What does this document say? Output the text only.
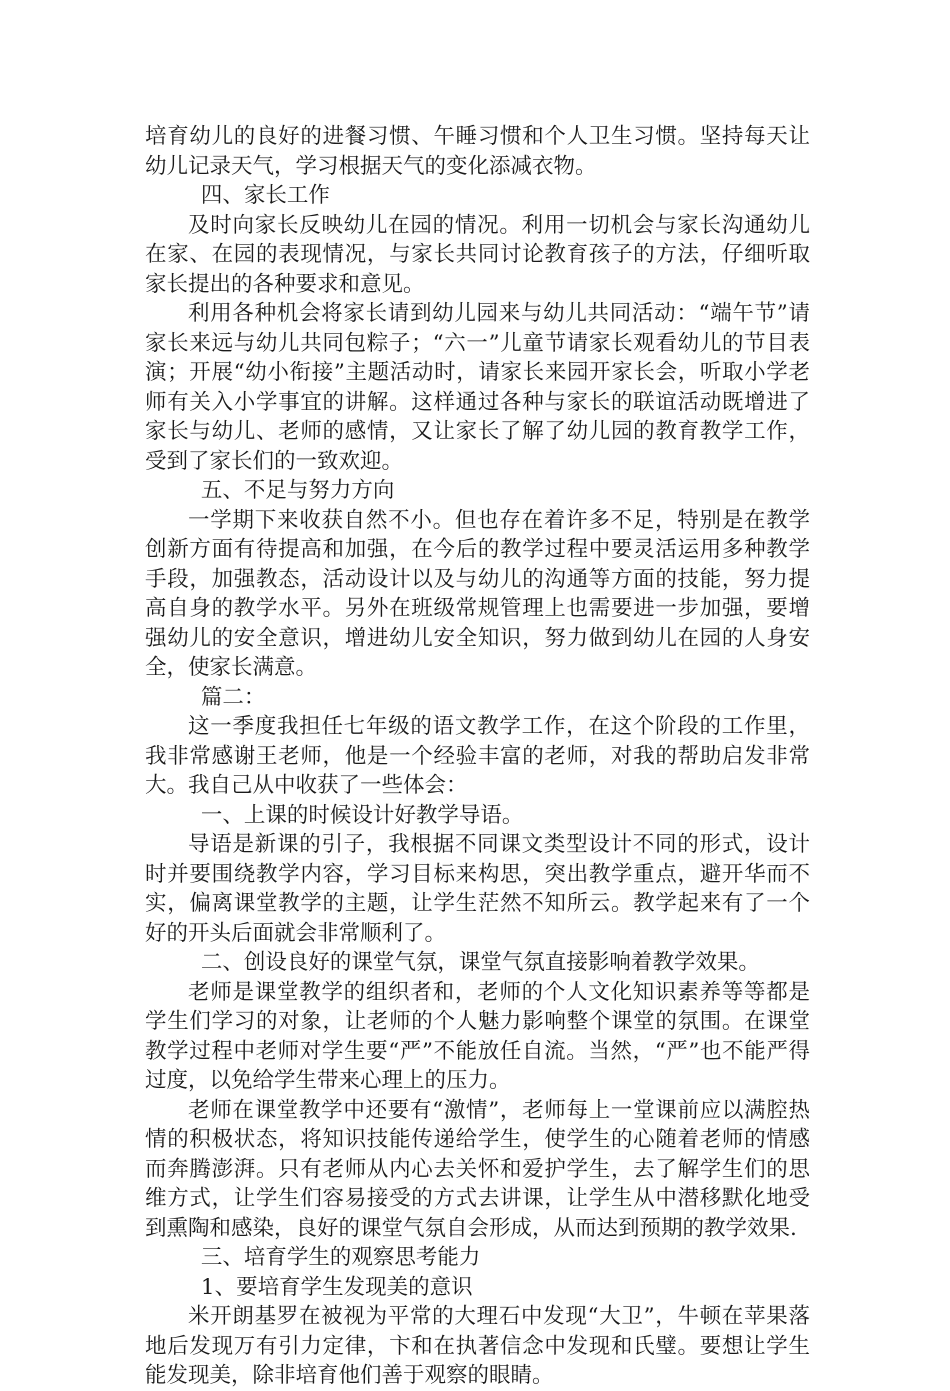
培育幼儿的良好的进餐习惯、午睡习惯和个人卫生习惯。坚持每天让幼儿记录天气，学习根据天气的变化添减衣物。

四、家长工作

及时向家长反映幼儿在园的情况。利用一切机会与家长沟通幼儿在家、在园的表现情况，与家长共同讨论教育孩子的方法，仔细听取家长提出的各种要求和意见。

利用各种机会将家长请到幼儿园来与幼儿共同活动：“端午节”请家长来远与幼儿共同包粽子；“六一”儿童节请家长观看幼儿的节目表演；开展“幼小衔接”主题活动时，请家长来园开家长会，听取小学老师有关入小学事宜的讲解。这样通过各种与家长的联谊活动既增进了家长与幼儿、老师的感情，又让家长了解了幼儿园的教育教学工作，受到了家长们的一致欢迎。

五、不足与努力方向

一学期下来收获自然不小。但也存在着许多不足，特别是在教学创新方面有待提高和加强，在今后的教学过程中要灵活运用多种教学手段，加强教态，活动设计以及与幼儿的沟通等方面的技能，努力提高自身的教学水平。另外在班级常规管理上也需要进一步加强，要增强幼儿的安全意识，增进幼儿安全知识，努力做到幼儿在园的人身安全，使家长满意。

篇二：

这一季度我担任七年级的语文教学工作，在这个阶段的工作里，我非常感谢王老师，他是一个经验丰富的老师，对我的帮助启发非常大。我自己从中收获了一些体会：

一、上课的时候设计好教学导语。

导语是新课的引子，我根据不同课文类型设计不同的形式，设计时并要围绕教学内容，学习目标来构思，突出教学重点，避开华而不实，偏离课堂教学的主题，让学生茫然不知所云。教学起来有了一个好的开头后面就会非常顺利了。

二、创设良好的课堂气氛，课堂气氛直接影响着教学效果。

老师是课堂教学的组织者和，老师的个人文化知识素养等等都是学生们学习的对象，让老师的个人魅力影响整个课堂的氛围。在课堂教学过程中老师对学生要“严”不能放任自流。当然，“严”也不能严得过度，以免给学生带来心理上的压力。

老师在课堂教学中还要有“激情”，老师每上一堂课前应以满腔热情的积极状态，将知识技能传递给学生，使学生的心随着老师的情感而奔腾澎湃。只有老师从内心去关怀和爱护学生，去了解学生们的思维方式，让学生们容易接受的方式去讲课，让学生从中潜移默化地受到熏陶和感染，良好的课堂气氛自会形成，从而达到预期的教学效果.

三、培育学生的观察思考能力

1、要培育学生发现美的意识

米开朗基罗在被视为平常的大理石中发现“大卫”，牛顿在苹果落地后发现万有引力定律，卞和在执著信念中发现和氏璧。要想让学生能发现美，除非培育他们善于观察的眼睛。
